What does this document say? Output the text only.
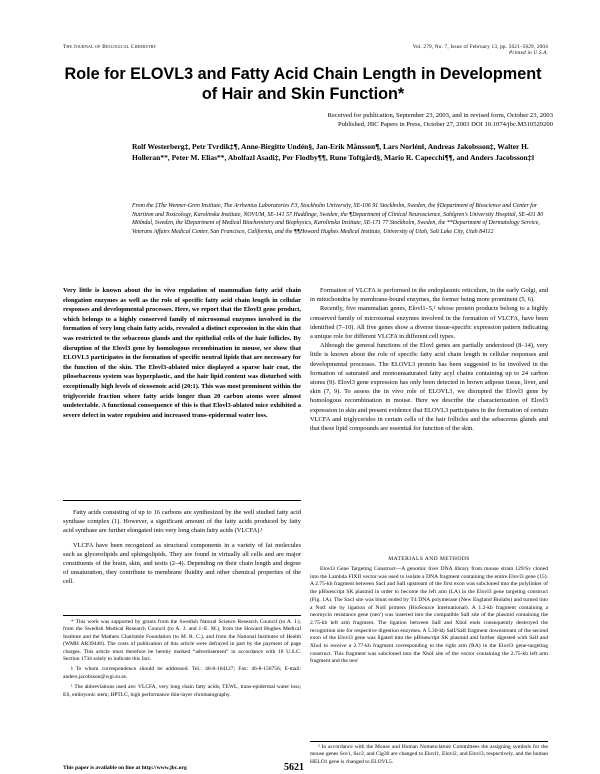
The Journal of Biological Chemistry	Vol. 279, No. 7, Issue of February 13, pp. 5621–5629, 2004
Printed in U.S.A.
Role for ELOVL3 and Fatty Acid Chain Length in Development of Hair and Skin Function*
Received for publication, September 23, 2003, and in revised form, October 23, 2003
Published, JBC Papers in Press, October 27, 2003 DOI 10.1074/jbc.M310529200
Rolf Westerberg‡, Petr Tvrdik‡¶, Anne-Birgitte Undén§, Jan-Erik Månsson¶, Lars Norlén‖, Andreas Jakobsson‡, Walter H. Holleran**, Peter M. Elias**, Abolfazl Asadi‡, Per Flodby¶¶, Rune Toftgård§, Mario R. Capecchi¶¶, and Anders Jacobsson‡‖
From the ‡The Wenner-Gren Institute, The Arrhenius Laboratories F3, Stockholm University, SE-106 91 Stockholm, Sweden, the §Department of Bioscience and Center for Nutrition and Toxicology, Karolinska Institute, NOVUM, SE-141 57 Huddinge, Sweden, the ¶Department of Clinical Neuroscience, Sahlgren's University Hospital, SE-431 80 Mölndal, Sweden, the ‖Department of Medical Biochemistry and Biophysics, Karolinska Institute, SE-171 77 Stockholm, Sweden, the **Department of Dermatology Service, Veterans Affairs Medical Center, San Francisco, California, and the ¶¶Howard Hughes Medical Institute, University of Utah, Salt Lake City, Utah 84112
Very little is known about the in vivo regulation of mammalian fatty acid chain elongation enzymes as well as the role of specific fatty acid chain length in cellular responses and developmental processes. Here, we report that the Elovl3 gene product, which belongs to a highly conserved family of microsomal enzymes involved in the formation of very long chain fatty acids, revealed a distinct expression in the skin that was restricted to the sebaceous glands and the epithelial cells of the hair follicles. By disruption of the Elovl3 gene by homologous recombination in mouse, we show that ELOVL3 participates in the formation of specific neutral lipids that are necessary for the function of the skin. The Elovl3-ablated mice displayed a sparse hair coat, the pilosebaceous system was hyperplastic, and the hair lipid content was disturbed with exceptionally high levels of eicosenoic acid (20:1). This was most prominent within the triglyceride fraction where fatty acids longer than 20 carbon atoms were almost undetectable. A functional consequence of this is that Elovl3-ablated mice exhibited a severe defect in water repulsion and increased trans-epidermal water loss.

Fatty acids consisting of up to 16 carbons are synthesized by the well studied fatty acid synthase complex (1). However, a significant amount of the fatty acids produced by fatty acid synthase are further elongated into very long chain fatty acids (VLCFA).¹

VLCFA have been recognized as structural components in a variety of fat molecules such as glycerolipids and sphingolipids. They are found in virtually all cells and are major constituents of the brain, skin, and testis (2–4). Depending on their chain length and degree of unsaturation, they contribute to membrane fluidity and other chemical properties of the cell.

* This work was supported by grants from the Swedish Natural Science Research Council (to A. J.), from the Swedish Medical Research Council (to A. J. and J.-E. M.), from the Howard Hughes Medical Institute and the Mathers Charitable Foundation (to M. R. C.), and from the National Institutes of Health (WMH AR39448). The costs of publication of this article were defrayed in part by the payment of page charges. This article must therefore be hereby marked “advertisement” in accordance with 18 U.S.C. Section 1734 solely to indicate this fact.

‖ To whom correspondence should be addressed. Tel.: 46-8-164127; Fax: 46-8-156756; E-mail: anders.jacobsson@wgi.su.se.

¹ The abbreviations used are: VLCFA, very long chain fatty acids; TEWL, trans-epidermal water loss; ES, embryonic stem; HPTLC, high performance thin-layer chromatography.

Formation of VLCFA is performed in the endoplasmic reticulum, in the early Golgi, and in mitochondria by membrane-bound enzymes, the former being more prominent (5, 6).

Recently, five mammalian genes, Elovl1–5,² whose protein products belong to a highly conserved family of microsomal enzymes involved in the formation of VLCFA, have been identified (7–10). All five genes show a diverse tissue-specific expression pattern indicating a unique role for different VLCFA in different cell types.

Although the general functions of the Elovl genes are partially understood (8–14), very little is known about the role of specific fatty acid chain length in cellular responses and developmental processes. The ELOVL3 protein has been suggested to be involved in the formation of saturated and monounsaturated fatty acyl chains containing up to 24 carbon atoms (9). Elovl3 gene expression has only been detected in brown adipose tissue, liver, and skin (7, 9). To assess the in vivo role of ELOVL3, we disrupted the Elovl3 gene by homologous recombination in mouse. Here we describe the characterization of Elovl3 expression in skin and present evidence that ELOVL3 participates in the formation of certain VLCFA and triglycerides in certain cells of the hair follicles and the sebaceous glands and that these lipid compounds are essential for function of the skin.

MATERIALS AND METHODS

Elovl3 Gene Targeting Construct—A genomic liver DNA library from mouse strain 129/Sv cloned into the Lambda FIXII vector was used to isolate a DNA fragment containing the entire Elovl3 gene (15). A 2.75-kb fragment between SacI and SalI upstream of the first exon was subcloned into the polylinker of the pBluescript SK plasmid in order to become the left arm (LA) in the Elovl3 gene targeting construct (Fig. 1A). The SacI site was blunt ended by T4 DNA polymerase (New England Biolabs) and turned into a NotI site by ligation of NotI primers (BioSource International). A 1.2-kb fragment containing a neomycin resistance gene (neo') was inserted into the compatible SalI site of the plasmid containing the 2.75-kb left arm fragment. The ligation between SalI and XhoI ends consequently destroyed the recognition site for respective digestion enzymes. A 5.30-kb SalI/SalI fragment downstream of the second exon of the Elovl3 gene was ligated into the pBluescript SK plasmid and further digested with SalI and XhoI to receive a 2.77-kb fragment corresponding to the right arm (RA) in the Elovl3 gene-targeting construct. This fragment was subcloned into the XhoI site of the vector containing the 2.75-kb left arm fragment and the neo'

² In accordance with the Mouse and Human Nomenclature Committees the assigning symbols for the mouse genes Sce1, Ssc2, and Cig30 are changed to Elovl1, Elovl2, and Elovl3, respectively, and the human HELO1 gene is changed to ELOVL5.

This paper is available on line at http://www.jbc.org	5621
